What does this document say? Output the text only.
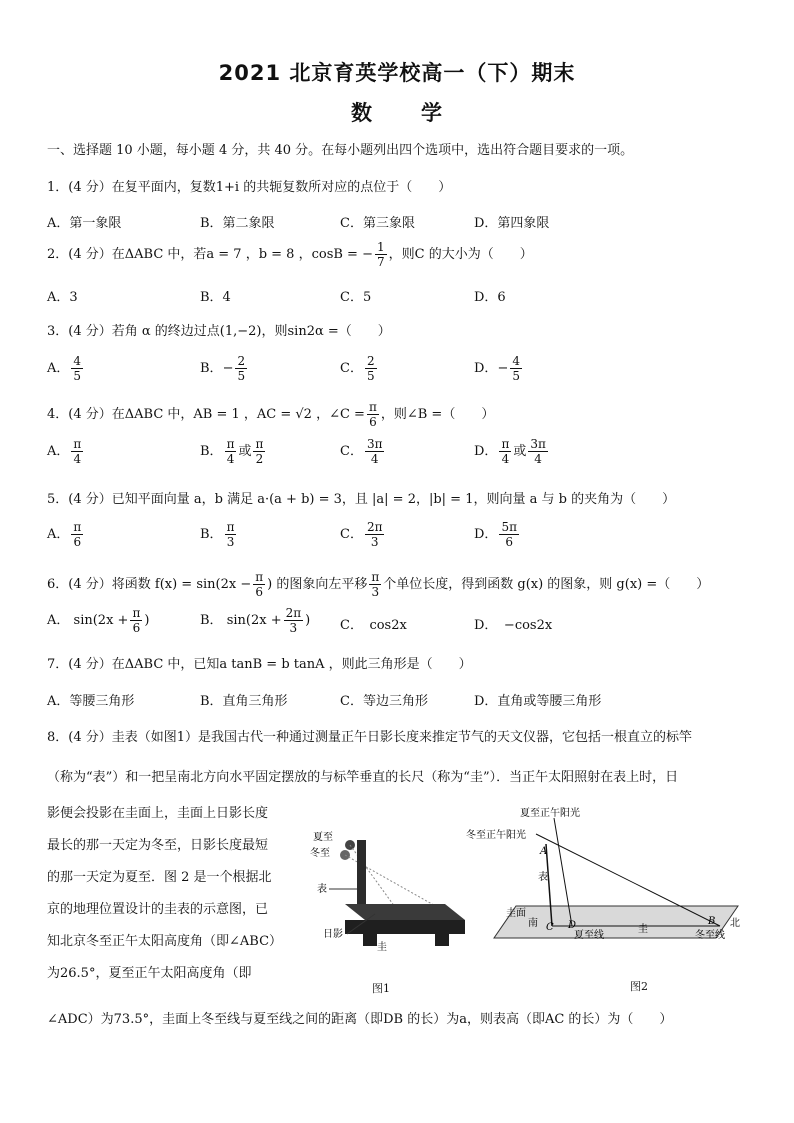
2021 北京育英学校高一（下）期末
数 学
一、选择题 10 小题，每小题 4 分，共 40 分。在每小题列出四个选项中，选出符合题目要求的一项。
1．(4 分）在复平面内，复数1+i 的共轭复数所对应的点位于（　　）
A．第一象限	B．第二象限	C．第三象限	D．第四象限
2．(4 分）在ΔABC 中，若a = 7 ，b = 8 ，cosB = − $\frac{1}{7}$ ，则C 的大小为（　　）
A．3	B．4	C．5	D．6
3．(4 分）若角 α 的终边过点(1,−2)，则sin2α =（　　）
A． $\frac{4}{5}$	B．− $\frac{2}{5}$	C． $\frac{2}{5}$	D．− $\frac{4}{5}$
4．(4 分）在ΔABC 中，AB = 1 ，AC = √2 ，∠C = $\frac{\pi}{6}$ ，则∠B =（　　）
A． $\frac{\pi}{4}$	B． $\frac{\pi}{4}$ 或 $\frac{\pi}{2}$	C． $\frac{3\pi}{4}$	D． $\frac{\pi}{4}$ 或 $\frac{3\pi}{4}$
5．(4 分）已知平面向量 a，b 满足 a·(a + b) = 3，且 |a| = 2，|b| = 1，则向量 a 与 b 的夹角为（　　）
A． $\frac{\pi}{6}$	B． $\frac{\pi}{3}$	C． $\frac{2\pi}{3}$	D． $\frac{5\pi}{6}$
6．(4 分）将函数 $f(x) = \sin(2x - \frac{\pi}{6}$ ) 的图象向左平移 $\frac{\pi}{3}$ 个单位长度，得到函数 g(x) 的图象，则 g(x) =（　　）
A． $\sin(2x + \frac{\pi}{6}$ )	B． $\sin(2x + \frac{2\pi}{3}$ ) C．　cos2x	D．　−cos2x
7．(4 分）在ΔABC 中，已知a tanB = b tanA ，则此三角形是（　　）
A．等腰三角形	B．直角三角形	C．等边三角形	D．直角或等腰三角形
8．(4 分）圭表（如图1）是我国古代一种通过测量正午日影长度来推定节气的天文仪器，它包括一根直立的标竿
（称为“表”）和一把呈南北方向水平固定摆放的与标竿垂直的长尺（称为“圭”）．当正午太阳照射在表上时，日
影便会投影在圭面上，圭面上日影长度
最长的那一天定为冬至，日影长度最短
的那一天定为夏至．图 2 是一个根据北
京的地理位置设计的圭表的示意图，已
知北京冬至正午太阳高度角（即∠ABC）
为26.5°，夏至正午太阳高度角（即
∠ADC）为73.5°，圭面上冬至线与夏至线之间的距离（即DB 的长）为a，则表高（即AC 的长）为（　　）
夏至
冬至
表
日影
圭
图1
夏至正午阳光
冬至正午阳光
A
表
圭面
南 C D
夏至线
圭
冬至线
B 北
图2
